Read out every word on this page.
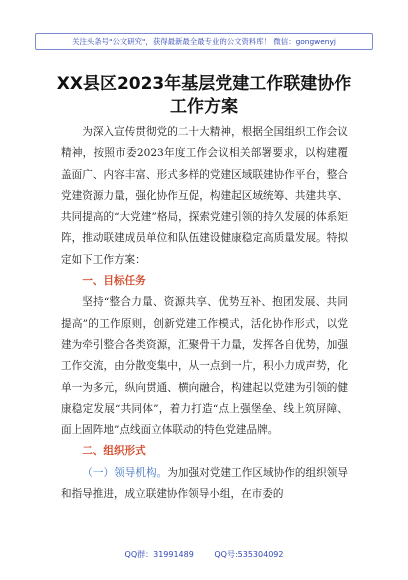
关注头条号"公文研究"，获得最新最全最专业的公文资料库！ 微信：gongwenyj
XX县区2023年基层党建工作联建协作
工作方案

为深入宣传贯彻党的二十大精神，根据全国组织工作会议精神，按照市委2023年度工作会议相关部署要求，以构建覆盖面广、内容丰富、形式多样的党建区域联建协作平台，整合党建资源力量，强化协作互促，构建起区域统筹、共建共享、共同提高的“大党建”格局，探索党建引领的持久发展的体系矩阵，推动联建成员单位和队伍建设健康稳定高质量发展。特拟定如下工作方案：

一、目标任务

坚持“整合力量、资源共享、优势互补、抱团发展、共同提高”的工作原则，创新党建工作模式，活化协作形式，以党建为牵引整合各类资源，汇聚骨干力量，发挥各自优势，加强工作交流，由分散变集中，从一点到一片，积小力成声势，化单一为多元，纵向贯通、横向融合，构建起以党建为引领的健康稳定发展“共同体”，着力打造“点上强堡垒、线上筑屏障、面上固阵地”点线面立体联动的特色党建品牌。

二、组织形式

（一）领导机构。为加强对党建工作区域协作的组织领导和指导推进，成立联建协作领导小组，在市委的

QQ群：31991489	QQ号:535304092
